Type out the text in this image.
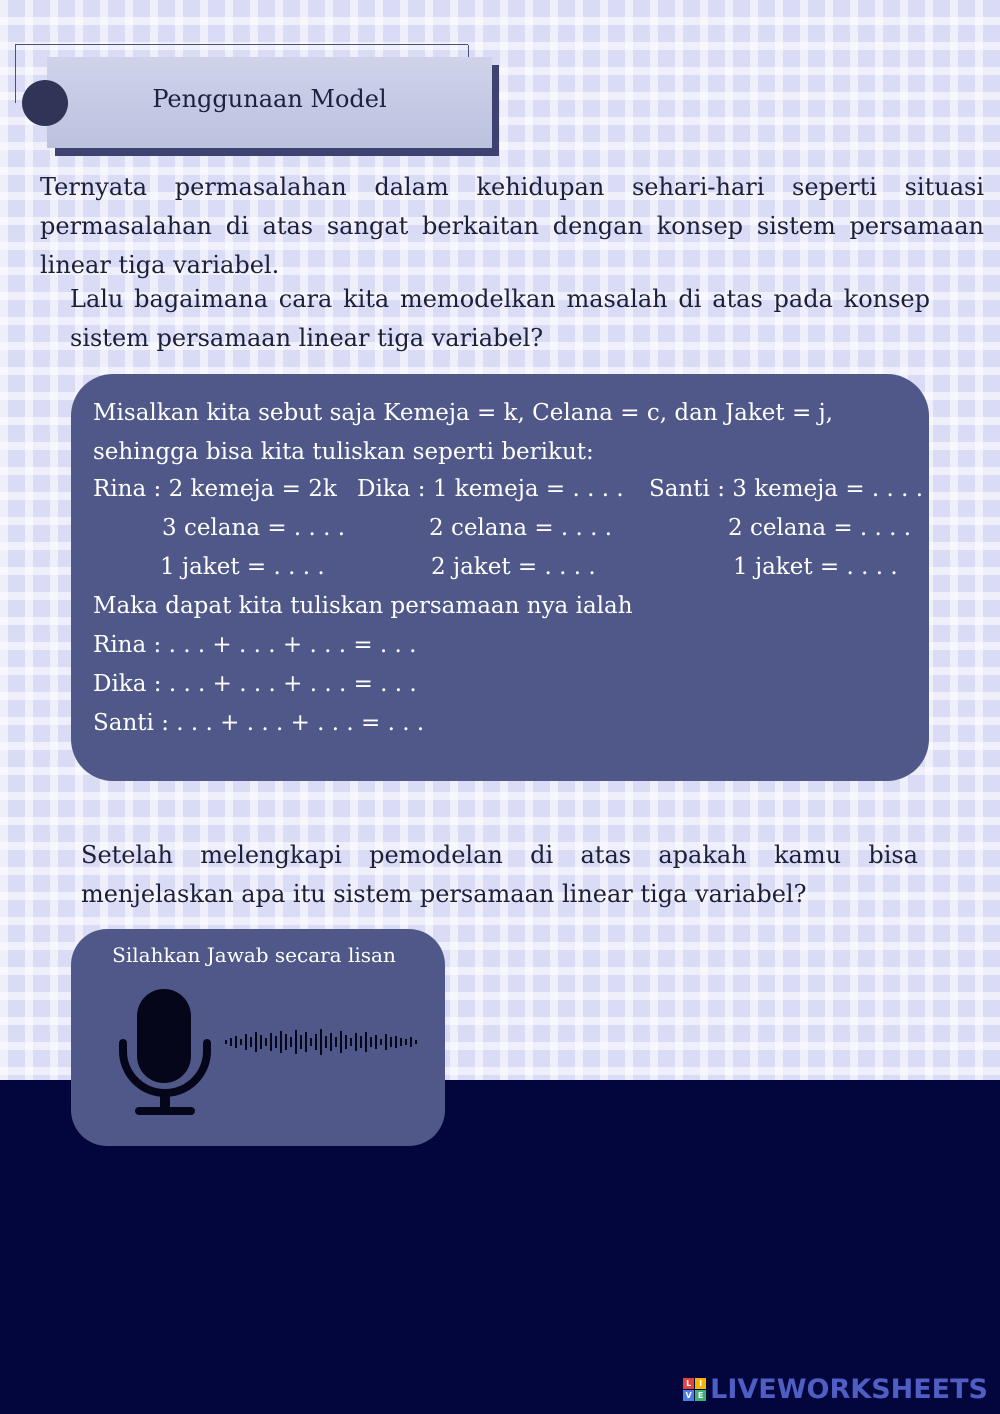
Penggunaan Model

Ternyata permasalahan dalam kehidupan sehari-hari seperti situasi permasalahan di atas sangat berkaitan dengan konsep sistem persamaan linear tiga variabel.

Lalu bagaimana cara kita memodelkan masalah di atas pada konsep sistem persamaan linear tiga variabel?

Misalkan kita sebut saja Kemeja = k, Celana = c, dan Jaket = j, sehingga bisa kita tuliskan seperti berikut:
Rina : 2 kemeja = 2k Dika : 1 kemeja = . . . . Santi : 3 kemeja = . . . .
3 celana = . . . .	2 celana = . . . .	2 celana = . . . .
1 jaket = . . . .	2 jaket = . . . .	1 jaket = . . . .
Maka dapat kita tuliskan persamaan nya ialah
Rina : . . . + . . . + . . . = . . .
Dika : . . . + . . . + . . . = . . .
Santi : . . . + . . . + . . . = . . .

Setelah melengkapi pemodelan di atas apakah kamu bisa menjelaskan apa itu sistem persamaan linear tiga variabel?

Silahkan Jawab secara lisan
L I
V E LIVEWORKSHEETS
